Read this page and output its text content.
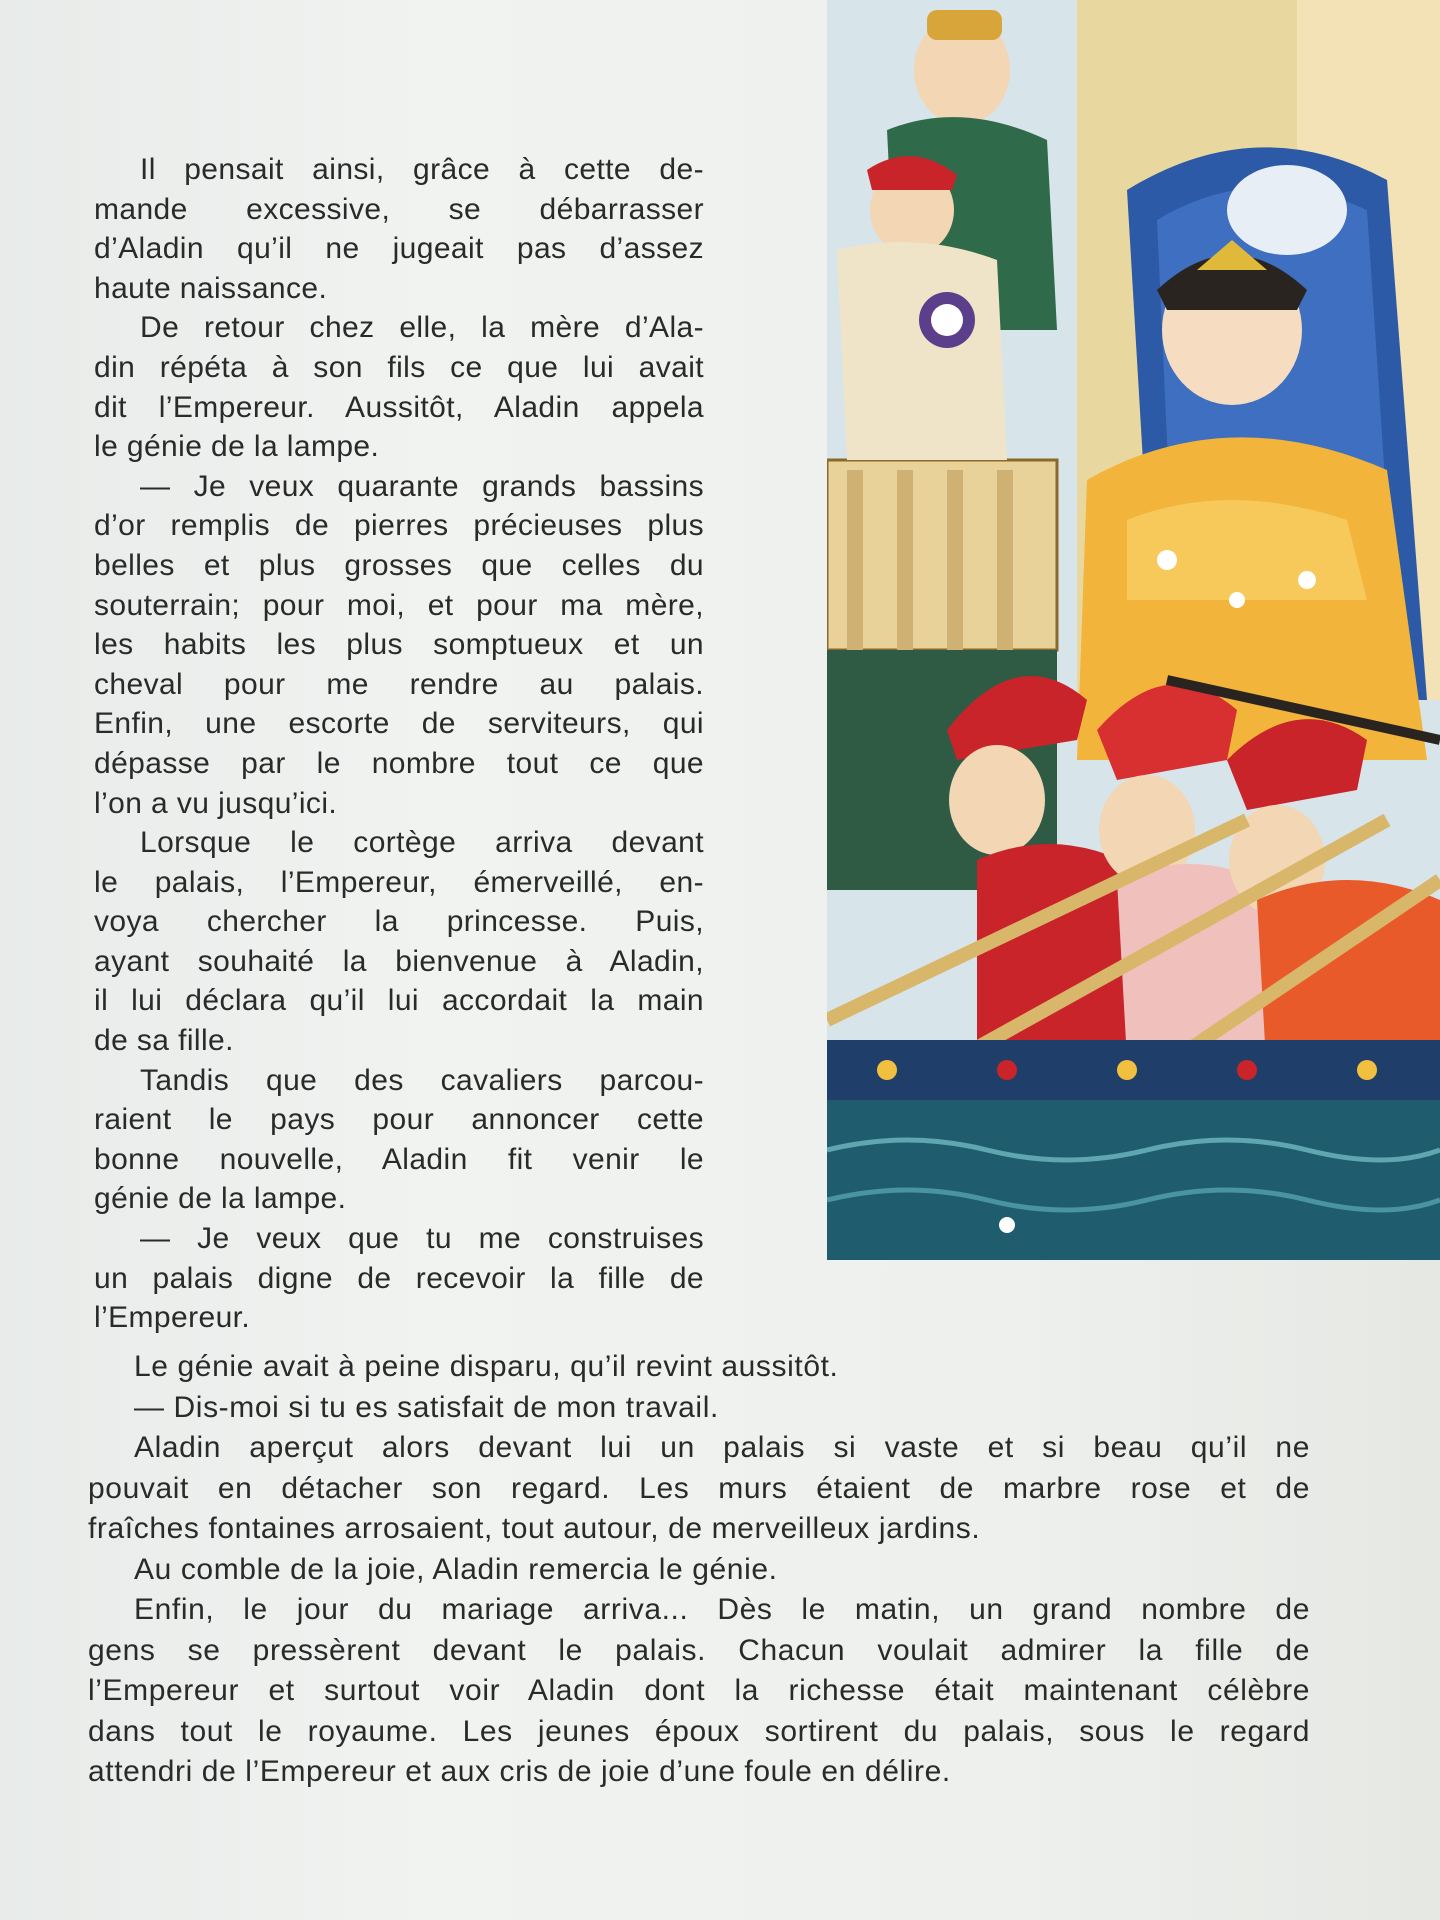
Il pensait ainsi, grâce à cette de-

mande excessive, se débarrasser

d’Aladin qu’il ne jugeait pas d’assez

haute naissance.

De retour chez elle, la mère d’Ala-

din répéta à son fils ce que lui avait

dit l’Empereur. Aussitôt, Aladin appela

le génie de la lampe.

— Je veux quarante grands bassins

d’or remplis de pierres précieuses plus

belles et plus grosses que celles du

souterrain; pour moi, et pour ma mère,

les habits les plus somptueux et un

cheval pour me rendre au palais.

Enfin, une escorte de serviteurs, qui

dépasse par le nombre tout ce que

l’on a vu jusqu’ici.

Lorsque le cortège arriva devant

le palais, l’Empereur, émerveillé, en-

voya chercher la princesse. Puis,

ayant souhaité la bienvenue à Aladin,

il lui déclara qu’il lui accordait la main

de sa fille.

Tandis que des cavaliers parcou-

raient le pays pour annoncer cette

bonne nouvelle, Aladin fit venir le

génie de la lampe.

— Je veux que tu me construises

un palais digne de recevoir la fille de

l’Empereur.

Le génie avait à peine disparu, qu’il revint aussitôt.

— Dis-moi si tu es satisfait de mon travail.

Aladin aperçut alors devant lui un palais si vaste et si beau qu’il ne

pouvait en détacher son regard. Les murs étaient de marbre rose et de

fraîches fontaines arrosaient, tout autour, de merveilleux jardins.

Au comble de la joie, Aladin remercia le génie.

Enfin, le jour du mariage arriva... Dès le matin, un grand nombre de

gens se pressèrent devant le palais. Chacun voulait admirer la fille de

l’Empereur et surtout voir Aladin dont la richesse était maintenant célèbre

dans tout le royaume. Les jeunes époux sortirent du palais, sous le regard

attendri de l’Empereur et aux cris de joie d’une foule en délire.
